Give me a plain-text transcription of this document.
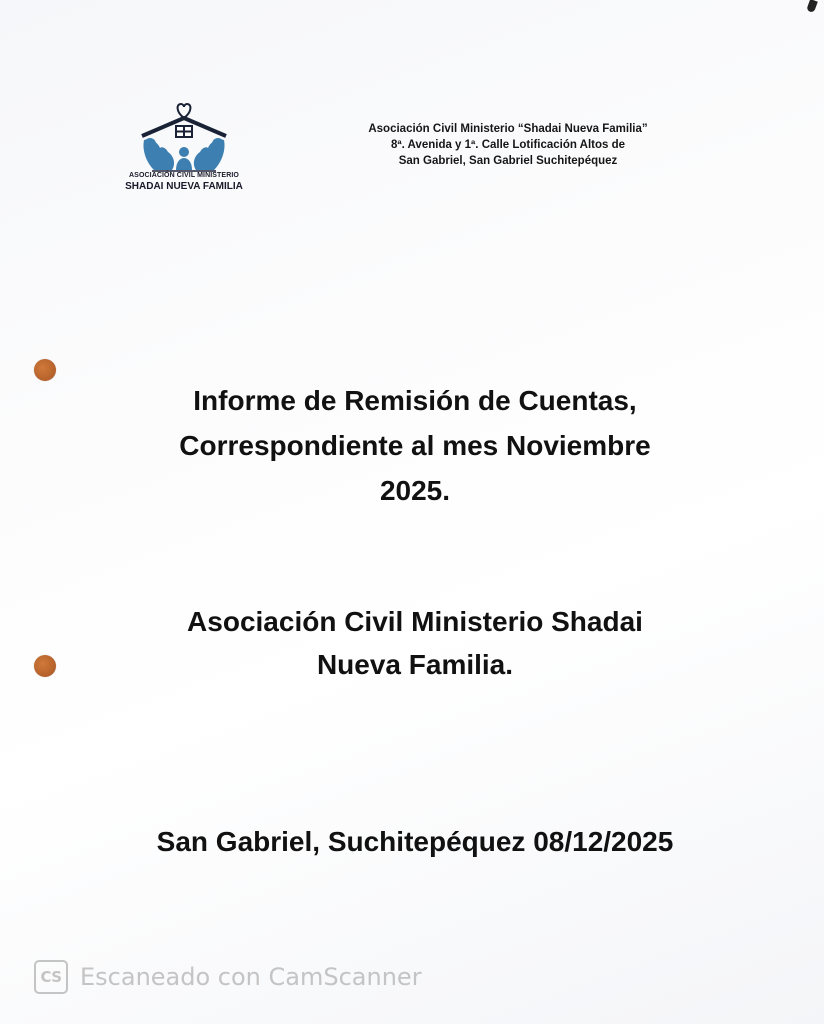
ASOCIACIÓN CIVIL MINISTERIO
SHADAI NUEVA FAMILIA
Asociación Civil Ministerio “Shadai Nueva Familia”
8ª. Avenida y 1ª. Calle Lotificación Altos de
San Gabriel, San Gabriel Suchitepéquez
Informe de Remisión de Cuentas,
Correspondiente al mes Noviembre
2025.
Asociación Civil Ministerio Shadai
Nueva Familia.
San Gabriel, Suchitepéquez 08/12/2025
CS Escaneado con CamScanner
